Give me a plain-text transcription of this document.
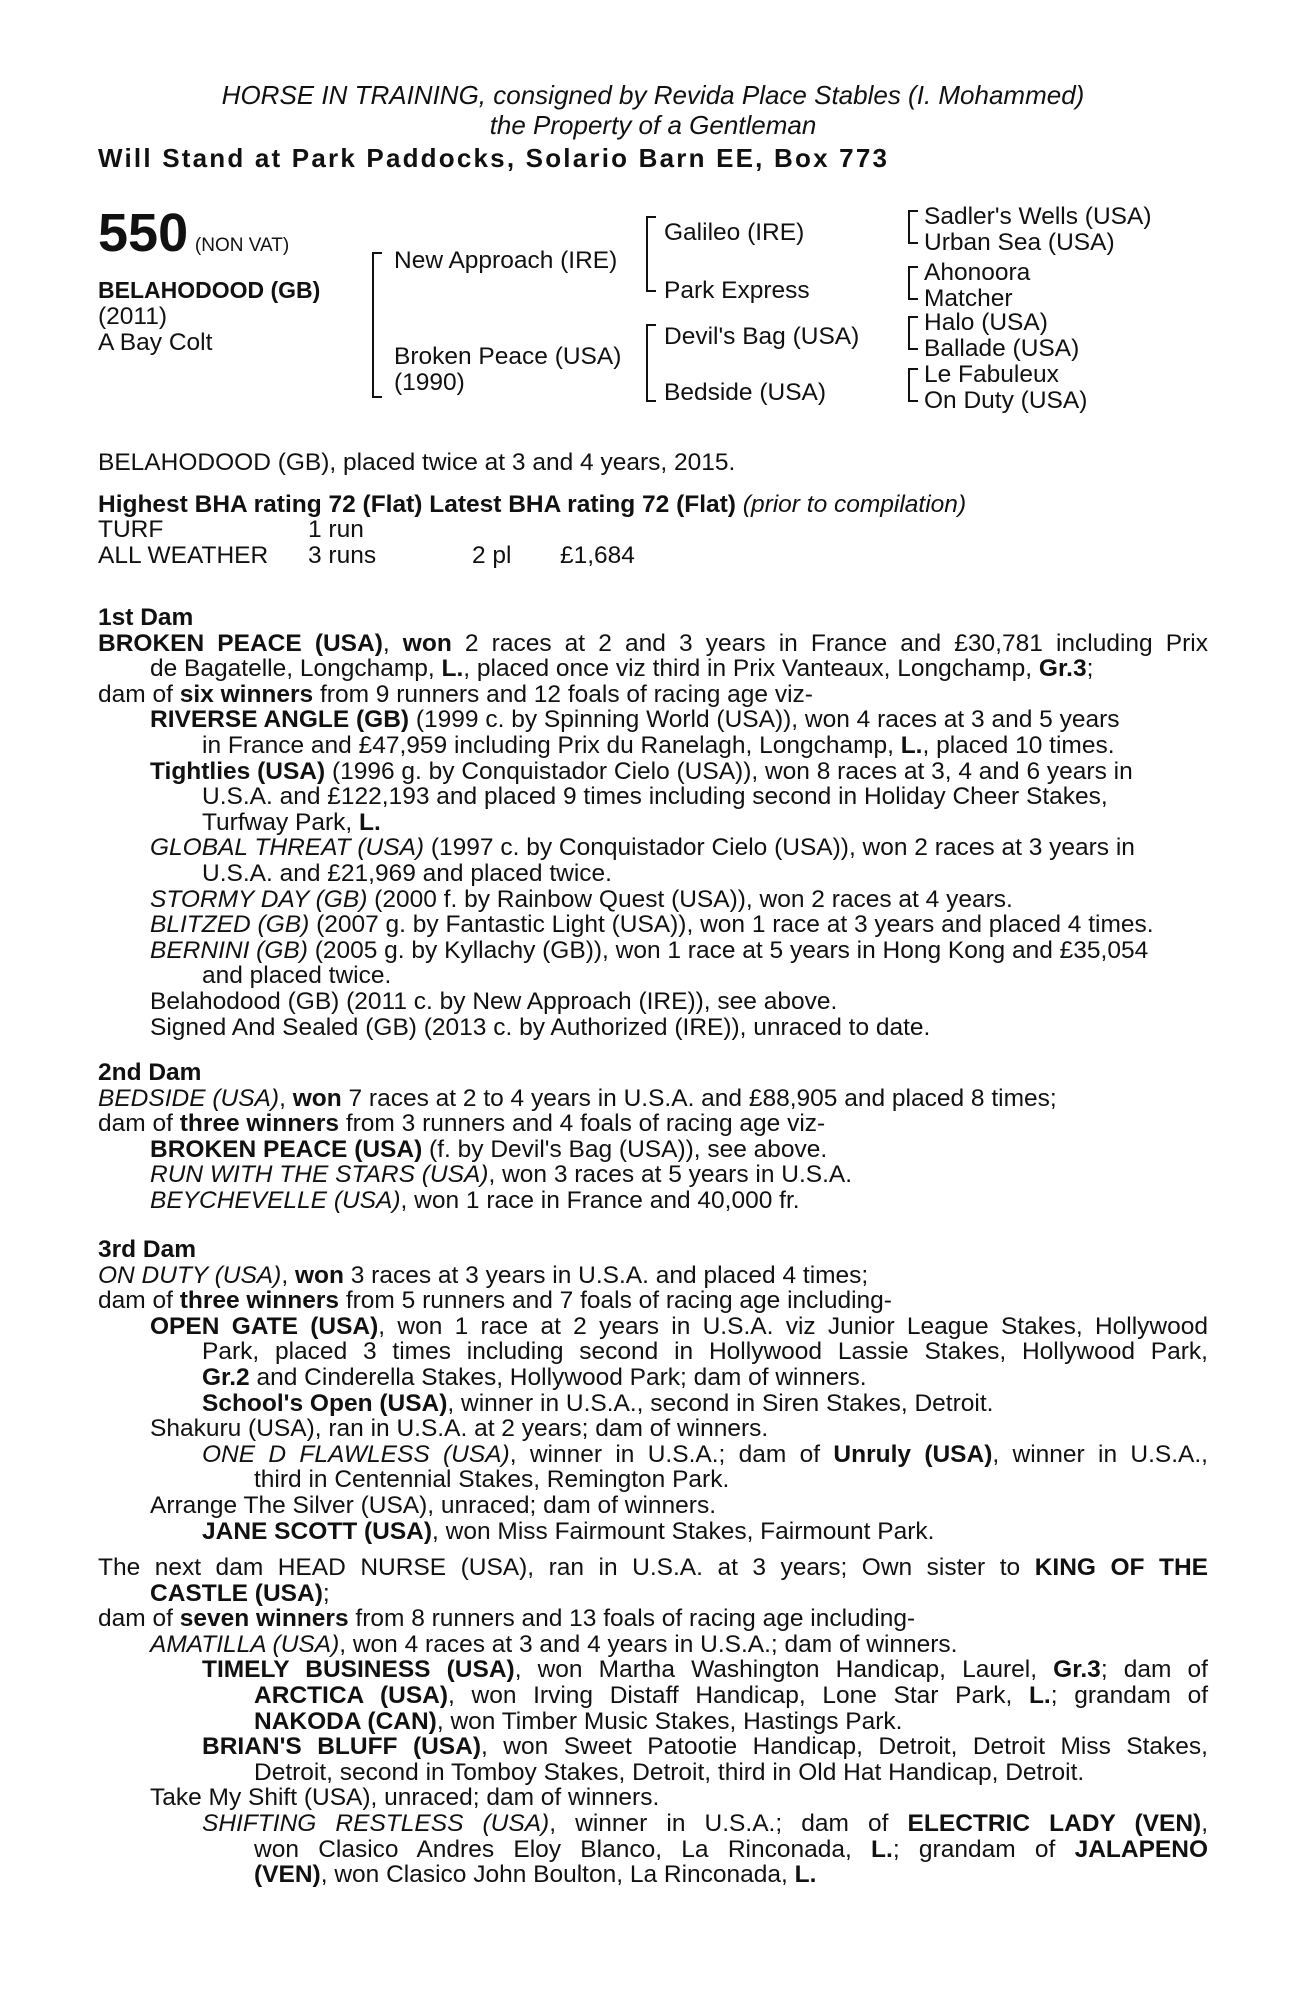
HORSE IN TRAINING, consigned by Revida Place Stables (I. Mohammed)
the Property of a Gentleman
Will Stand at Park Paddocks, Solario Barn EE, Box 773
550 (NON VAT)
BELAHODOOD (GB)
(2011)
A Bay Colt
New Approach (IRE)
Broken Peace (USA)
(1990)
Galileo (IRE)
Park Express
Devil's Bag (USA)
Bedside (USA)
Sadler's Wells (USA)
Urban Sea (USA)
Ahonoora
Matcher
Halo (USA)
Ballade (USA)
Le Fabuleux
On Duty (USA)
BELAHODOOD (GB), placed twice at 3 and 4 years, 2015.
Highest BHA rating 72 (Flat) Latest BHA rating 72 (Flat) (prior to compilation)
TURF	1 run
ALL WEATHER 3 runs	2 pl £1,684
1st Dam
BROKEN PEACE (USA), won 2 races at 2 and 3 years in France and £30,781 including Prix
de Bagatelle, Longchamp, L., placed once viz third in Prix Vanteaux, Longchamp, Gr.3;
dam of six winners from 9 runners and 12 foals of racing age viz-
RIVERSE ANGLE (GB) (1999 c. by Spinning World (USA)), won 4 races at 3 and 5 years
in France and £47,959 including Prix du Ranelagh, Longchamp, L., placed 10 times.
Tightlies (USA) (1996 g. by Conquistador Cielo (USA)), won 8 races at 3, 4 and 6 years in
U.S.A. and £122,193 and placed 9 times including second in Holiday Cheer Stakes,
Turfway Park, L.
GLOBAL THREAT (USA) (1997 c. by Conquistador Cielo (USA)), won 2 races at 3 years in
U.S.A. and £21,969 and placed twice.
STORMY DAY (GB) (2000 f. by Rainbow Quest (USA)), won 2 races at 4 years.
BLITZED (GB) (2007 g. by Fantastic Light (USA)), won 1 race at 3 years and placed 4 times.
BERNINI (GB) (2005 g. by Kyllachy (GB)), won 1 race at 5 years in Hong Kong and £35,054
and placed twice.
Belahodood (GB) (2011 c. by New Approach (IRE)), see above.
Signed And Sealed (GB) (2013 c. by Authorized (IRE)), unraced to date.
2nd Dam
BEDSIDE (USA), won 7 races at 2 to 4 years in U.S.A. and £88,905 and placed 8 times;
dam of three winners from 3 runners and 4 foals of racing age viz-
BROKEN PEACE (USA) (f. by Devil's Bag (USA)), see above.
RUN WITH THE STARS (USA), won 3 races at 5 years in U.S.A.
BEYCHEVELLE (USA), won 1 race in France and 40,000 fr.
3rd Dam
ON DUTY (USA), won 3 races at 3 years in U.S.A. and placed 4 times;
dam of three winners from 5 runners and 7 foals of racing age including-
OPEN GATE (USA), won 1 race at 2 years in U.S.A. viz Junior League Stakes, Hollywood
Park, placed 3 times including second in Hollywood Lassie Stakes, Hollywood Park,
Gr.2 and Cinderella Stakes, Hollywood Park; dam of winners.
School's Open (USA), winner in U.S.A., second in Siren Stakes, Detroit.
Shakuru (USA), ran in U.S.A. at 2 years; dam of winners.
ONE D FLAWLESS (USA), winner in U.S.A.; dam of Unruly (USA), winner in U.S.A.,
third in Centennial Stakes, Remington Park.
Arrange The Silver (USA), unraced; dam of winners.
JANE SCOTT (USA), won Miss Fairmount Stakes, Fairmount Park.
The next dam HEAD NURSE (USA), ran in U.S.A. at 3 years; Own sister to KING OF THE
CASTLE (USA);
dam of seven winners from 8 runners and 13 foals of racing age including-
AMATILLA (USA), won 4 races at 3 and 4 years in U.S.A.; dam of winners.
TIMELY BUSINESS (USA), won Martha Washington Handicap, Laurel, Gr.3; dam of
ARCTICA (USA), won Irving Distaff Handicap, Lone Star Park, L.; grandam of
NAKODA (CAN), won Timber Music Stakes, Hastings Park.
BRIAN'S BLUFF (USA), won Sweet Patootie Handicap, Detroit, Detroit Miss Stakes,
Detroit, second in Tomboy Stakes, Detroit, third in Old Hat Handicap, Detroit.
Take My Shift (USA), unraced; dam of winners.
SHIFTING RESTLESS (USA), winner in U.S.A.; dam of ELECTRIC LADY (VEN),
won Clasico Andres Eloy Blanco, La Rinconada, L.; grandam of JALAPENO
(VEN), won Clasico John Boulton, La Rinconada, L.
